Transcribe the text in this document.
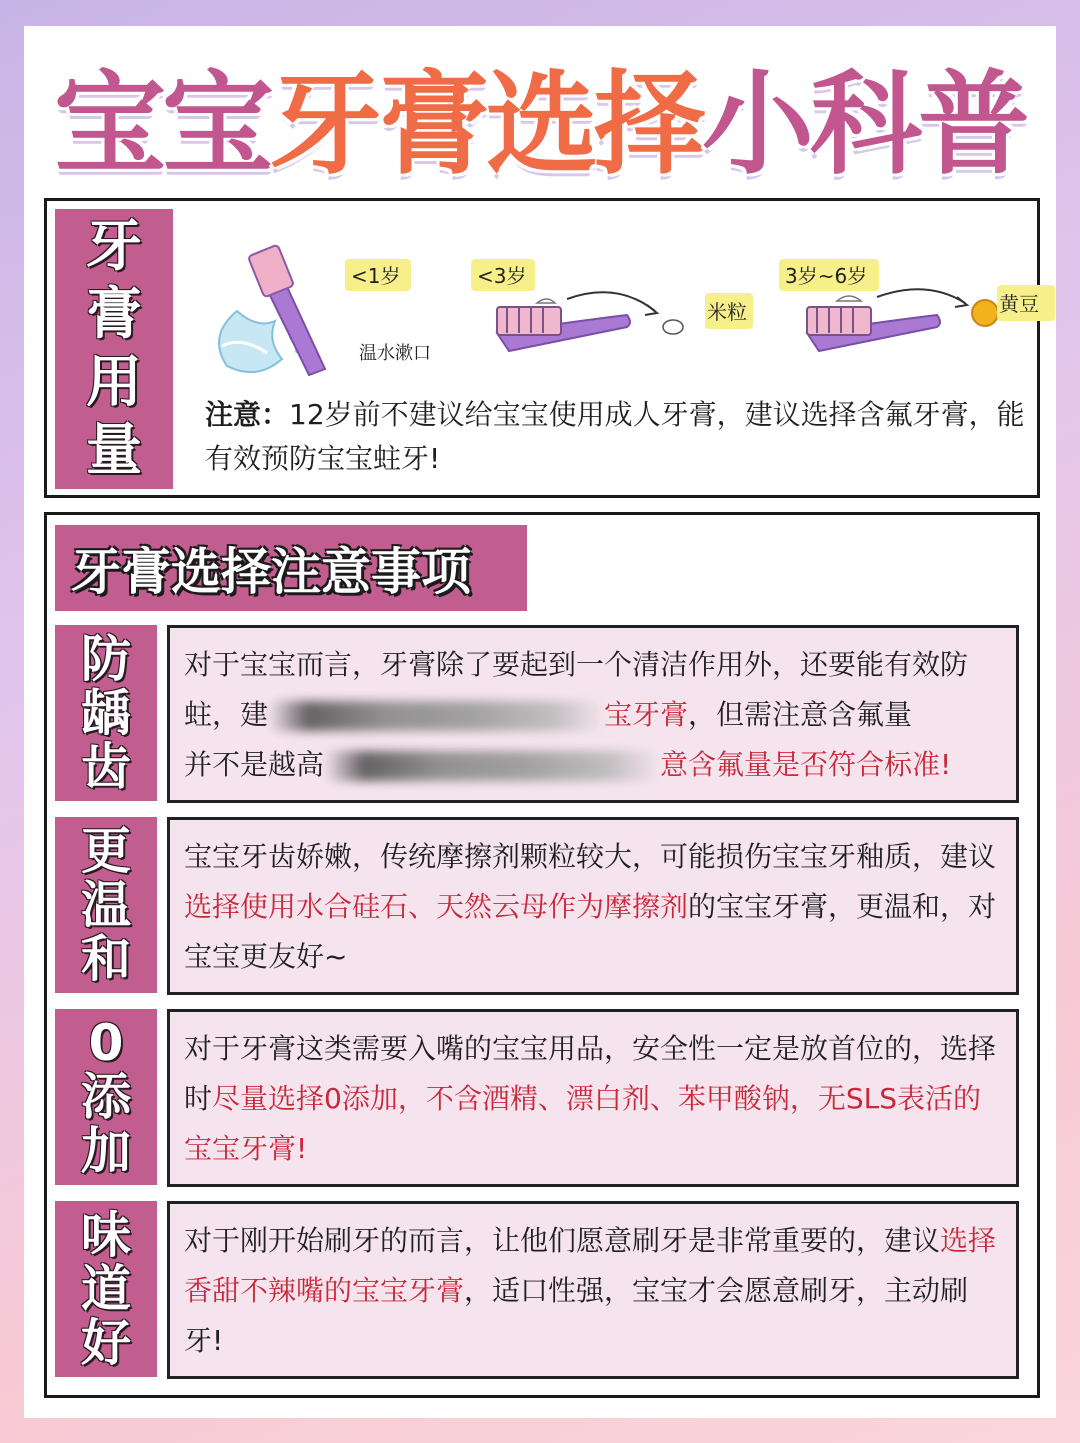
宝宝 牙膏选择 小科普
牙
膏
用
量
温水漱口
<1岁	<3岁	3岁~6岁
米粒	黄豆
注意：12岁前不建议给宝宝使用成人牙膏，建议选择含氟牙膏，能有效预防宝宝蛀牙!
牙膏选择注意事项
防
龋
齿
对于宝宝而言，牙膏除了要起到一个清洁作用外，还要能有效防蛀，建	宝牙膏，但需注意含氟量
并不是越高	意含氟量是否符合标准!
更
温
和
宝宝牙齿娇嫩，传统摩擦剂颗粒较大，可能损伤宝宝牙釉质，建议选择使用水合硅石、天然云母作为摩擦剂的宝宝牙膏，更温和，对宝宝更友好~
0
添
加
对于牙膏这类需要入嘴的宝宝用品，安全性一定是放首位的，选择时尽量选择0添加，不含酒精、漂白剂、苯甲酸钠，无SLS表活的宝宝牙膏!
味
道
好
对于刚开始刷牙的而言，让他们愿意刷牙是非常重要的，建议选择香甜不辣嘴的宝宝牙膏，适口性强，宝宝才会愿意刷牙，主动刷牙!
